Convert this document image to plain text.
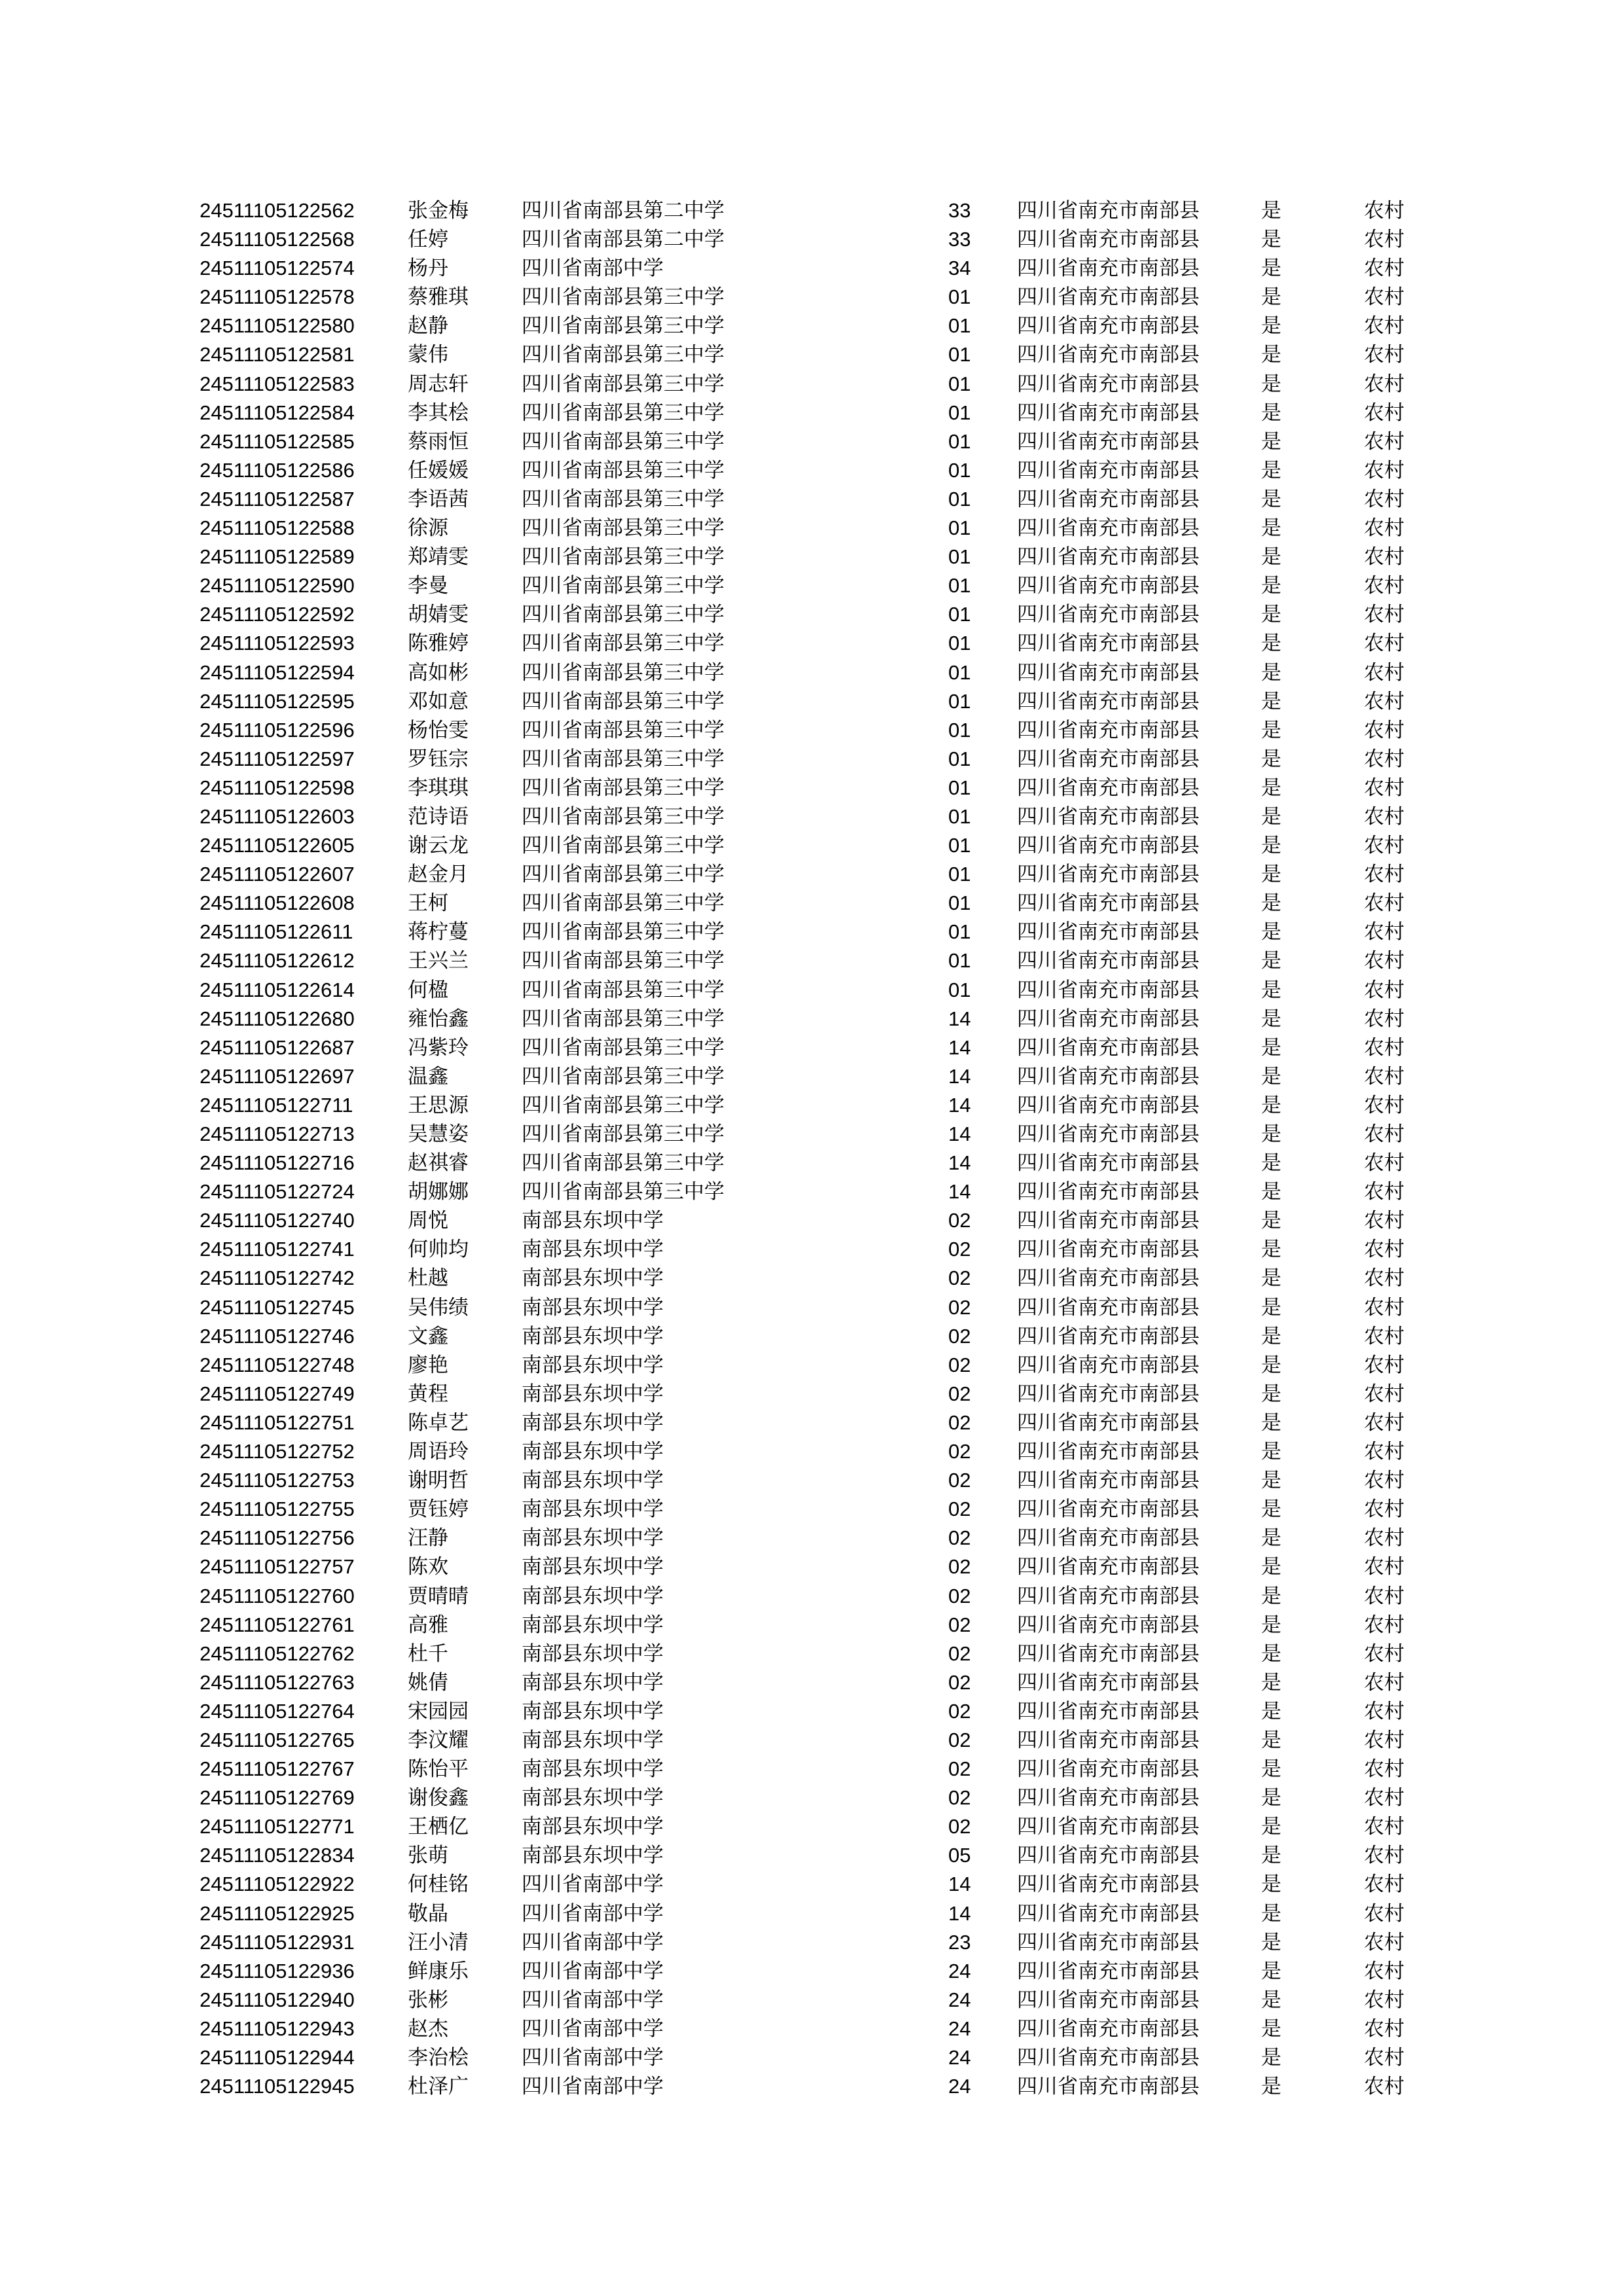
24511105122562	张金梅	四川省南部县第二中学	33 四川省南充市南部县	是	农村
24511105122568	任婷	四川省南部县第二中学	33 四川省南充市南部县	是	农村
24511105122574	杨丹	四川省南部中学	34 四川省南充市南部县	是	农村
24511105122578	蔡雅琪	四川省南部县第三中学	01 四川省南充市南部县	是	农村
24511105122580	赵静	四川省南部县第三中学	01 四川省南充市南部县	是	农村
24511105122581	蒙伟	四川省南部县第三中学	01 四川省南充市南部县	是	农村
24511105122583	周志轩	四川省南部县第三中学	01 四川省南充市南部县	是	农村
24511105122584	李其桧	四川省南部县第三中学	01 四川省南充市南部县	是	农村
24511105122585	蔡雨恒	四川省南部县第三中学	01 四川省南充市南部县	是	农村
24511105122586	任媛媛	四川省南部县第三中学	01 四川省南充市南部县	是	农村
24511105122587	李语茜	四川省南部县第三中学	01 四川省南充市南部县	是	农村
24511105122588	徐源	四川省南部县第三中学	01 四川省南充市南部县	是	农村
24511105122589	郑靖雯	四川省南部县第三中学	01 四川省南充市南部县	是	农村
24511105122590	李曼	四川省南部县第三中学	01 四川省南充市南部县	是	农村
24511105122592	胡婧雯	四川省南部县第三中学	01 四川省南充市南部县	是	农村
24511105122593	陈雅婷	四川省南部县第三中学	01 四川省南充市南部县	是	农村
24511105122594	高如彬	四川省南部县第三中学	01 四川省南充市南部县	是	农村
24511105122595	邓如意	四川省南部县第三中学	01 四川省南充市南部县	是	农村
24511105122596	杨怡雯	四川省南部县第三中学	01 四川省南充市南部县	是	农村
24511105122597	罗钰宗	四川省南部县第三中学	01 四川省南充市南部县	是	农村
24511105122598	李琪琪	四川省南部县第三中学	01 四川省南充市南部县	是	农村
24511105122603	范诗语	四川省南部县第三中学	01 四川省南充市南部县	是	农村
24511105122605	谢云龙	四川省南部县第三中学	01 四川省南充市南部县	是	农村
24511105122607	赵金月	四川省南部县第三中学	01 四川省南充市南部县	是	农村
24511105122608	王柯	四川省南部县第三中学	01 四川省南充市南部县	是	农村
24511105122611	蒋柠蔓	四川省南部县第三中学	01 四川省南充市南部县	是	农村
24511105122612	王兴兰	四川省南部县第三中学	01 四川省南充市南部县	是	农村
24511105122614	何楹	四川省南部县第三中学	01 四川省南充市南部县	是	农村
24511105122680	雍怡鑫	四川省南部县第三中学	14 四川省南充市南部县	是	农村
24511105122687	冯紫玲	四川省南部县第三中学	14 四川省南充市南部县	是	农村
24511105122697	温鑫	四川省南部县第三中学	14 四川省南充市南部县	是	农村
24511105122711	王思源	四川省南部县第三中学	14 四川省南充市南部县	是	农村
24511105122713	吴慧姿	四川省南部县第三中学	14 四川省南充市南部县	是	农村
24511105122716	赵祺睿	四川省南部县第三中学	14 四川省南充市南部县	是	农村
24511105122724	胡娜娜	四川省南部县第三中学	14 四川省南充市南部县	是	农村
24511105122740	周悦	南部县东坝中学	02 四川省南充市南部县	是	农村
24511105122741	何帅均	南部县东坝中学	02 四川省南充市南部县	是	农村
24511105122742	杜越	南部县东坝中学	02 四川省南充市南部县	是	农村
24511105122745	吴伟绩	南部县东坝中学	02 四川省南充市南部县	是	农村
24511105122746	文鑫	南部县东坝中学	02 四川省南充市南部县	是	农村
24511105122748	廖艳	南部县东坝中学	02 四川省南充市南部县	是	农村
24511105122749	黄程	南部县东坝中学	02 四川省南充市南部县	是	农村
24511105122751	陈卓艺	南部县东坝中学	02 四川省南充市南部县	是	农村
24511105122752	周语玲	南部县东坝中学	02 四川省南充市南部县	是	农村
24511105122753	谢明哲	南部县东坝中学	02 四川省南充市南部县	是	农村
24511105122755	贾钰婷	南部县东坝中学	02 四川省南充市南部县	是	农村
24511105122756	汪静	南部县东坝中学	02 四川省南充市南部县	是	农村
24511105122757	陈欢	南部县东坝中学	02 四川省南充市南部县	是	农村
24511105122760	贾晴晴	南部县东坝中学	02 四川省南充市南部县	是	农村
24511105122761	高雅	南部县东坝中学	02 四川省南充市南部县	是	农村
24511105122762	杜千	南部县东坝中学	02 四川省南充市南部县	是	农村
24511105122763	姚倩	南部县东坝中学	02 四川省南充市南部县	是	农村
24511105122764	宋园园	南部县东坝中学	02 四川省南充市南部县	是	农村
24511105122765	李汶耀	南部县东坝中学	02 四川省南充市南部县	是	农村
24511105122767	陈怡平	南部县东坝中学	02 四川省南充市南部县	是	农村
24511105122769	谢俊鑫	南部县东坝中学	02 四川省南充市南部县	是	农村
24511105122771	王栖亿	南部县东坝中学	02 四川省南充市南部县	是	农村
24511105122834	张萌	南部县东坝中学	05 四川省南充市南部县	是	农村
24511105122922	何桂铭	四川省南部中学	14 四川省南充市南部县	是	农村
24511105122925	敬晶	四川省南部中学	14 四川省南充市南部县	是	农村
24511105122931	汪小清	四川省南部中学	23 四川省南充市南部县	是	农村
24511105122936	鲜康乐	四川省南部中学	24 四川省南充市南部县	是	农村
24511105122940	张彬	四川省南部中学	24 四川省南充市南部县	是	农村
24511105122943	赵杰	四川省南部中学	24 四川省南充市南部县	是	农村
24511105122944	李治桧	四川省南部中学	24 四川省南充市南部县	是	农村
24511105122945	杜泽广	四川省南部中学	24 四川省南充市南部县	是	农村
